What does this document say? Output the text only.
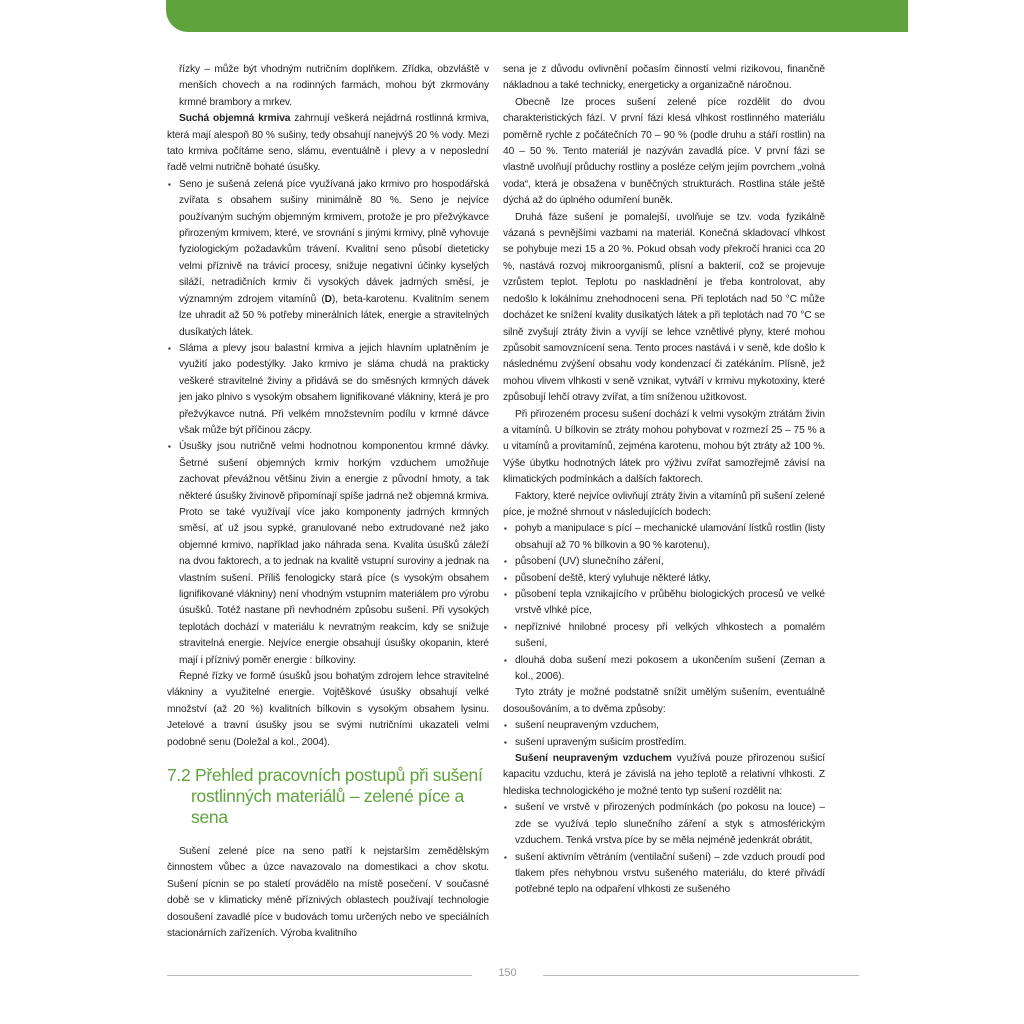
řízky – může být vhodným nutričním doplňkem. Zřídka, obzvláště v menších chovech a na rodinných farmách, mohou být zkrmovány krmné brambory a mrkev.

Suchá objemná krmiva zahrnují veškerá nejádrná rostlinná krmiva, která mají alespoň 80 % sušiny, tedy obsahují nanejvýš 20 % vody. Mezi tato krmiva počítáme seno, slámu, eventuálně i plevy a v neposlední řadě velmi nutričně bohaté úsušky.

▪ Seno je sušená zelená píce využívaná jako krmivo pro hospodářská zvířata s obsahem sušiny minimálně 80 %. Seno je nejvíce používaným suchým objemným krmivem, protože je pro přežvýkavce přirozeným krmivem, které, ve srovnání s jinými krmivy, plně vyhovuje fyziologickým požadavkům trávení. Kvalitní seno působí dieteticky velmi příznivě na trávicí procesy, snižuje negativní účinky kyselých siláží, netradičních krmiv či vysokých dávek jadrných směsí, je významným zdrojem vitamínů (D), beta-karotenu. Kvalitním senem lze uhradit až 50 % potřeby minerálních látek, energie a stravitelných dusíkatých látek.

▪ Sláma a plevy jsou balastní krmiva a jejich hlavním uplatněním je využití jako podestýlky. Jako krmivo je sláma chudá na prakticky veškeré stravitelné živiny a přidává se do směsných krmných dávek jen jako plnivo s vysokým obsahem lignifikované vlákniny, která je pro přežvýkavce nutná. Při velkém množstevním podílu v krmné dávce však může být příčinou zácpy.

▪ Úsušky jsou nutričně velmi hodnotnou komponentou krmné dávky. Šetrné sušení objemných krmiv horkým vzduchem umožňuje zachovat převážnou většinu živin a energie z původní hmoty, a tak některé úsušky živinově připomínají spíše jadrná než objemná krmiva. Proto se také využívají více jako komponenty jadrných krmných směsí, ať už jsou sypké, granulované nebo extrudované než jako objemné krmivo, například jako náhrada sena. Kvalita úsušků záleží na dvou faktorech, a to jednak na kvalitě vstupní suroviny a jednak na vlastním sušení. Příliš fenologicky stará píce (s vysokým obsahem lignifikované vlákniny) není vhodným vstupním materiálem pro výrobu úsušků. Totéž nastane při nevhodném způsobu sušení. Při vysokých teplotách dochází v materiálu k nevratným reakcím, kdy se snižuje stravitelná energie. Nejvíce energie obsahují úsušky okopanin, které mají i příznivý poměr energie : bílkoviny.

Řepné řízky ve formě úsušků jsou bohatým zdrojem lehce stravitelné vlákniny a využitelné energie. Vojtěškové úsušky obsahují velké množství (až 20 %) kvalitních bílkovin s vysokým obsahem lysinu. Jetelové a travní úsušky jsou se svými nutričními ukazateli velmi podobné senu (Doležal a kol., 2004).

7.2 Přehled pracovních postupů při sušení rostlinných materiálů – zelené píce a sena

Sušení zelené píce na seno patří k nejstarším zemědělským činnostem vůbec a úzce navazovalo na domestikaci a chov skotu. Sušení pícnin se po staletí provádělo na místě posečení. V současné době se v klimaticky méně příznivých oblastech používají technologie dosoušení zavadlé píce v budovách tomu určených nebo ve speciálních stacionárních zařízeních. Výroba kvalitního

sena je z důvodu ovlivnění počasím činností velmi rizikovou, finančně nákladnou a také technicky, energeticky a organizačně náročnou.

Obecně lze proces sušení zelené píce rozdělit do dvou charakteristických fází. V první fázi klesá vlhkost rostlinného materiálu poměrně rychle z počátečních 70 – 90 % (podle druhu a stáří rostlin) na 40 – 50 %. Tento materiál je nazýván zavadlá píce. V první fázi se vlastně uvolňují průduchy rostliny a posléze celým jejím povrchem „volná voda“, která je obsažena v buněčných strukturách. Rostlina stále ještě dýchá až do úplného odumření buněk.

Druhá fáze sušení je pomalejší, uvolňuje se tzv. voda fyzikálně vázaná s pevnějšími vazbami na materiál. Konečná skladovací vlhkost se pohybuje mezi 15 a 20 %. Pokud obsah vody překročí hranici cca 20 %, nastává rozvoj mikroorganismů, plísní a bakterií, což se projevuje vzrůstem teplot. Teplotu po naskladnění je třeba kontrolovat, aby nedošlo k lokálnímu znehodnocení sena. Při teplotách nad 50 °C může docházet ke snížení kvality dusíkatých látek a při teplotách nad 70 °C se silně zvyšují ztráty živin a vyvíjí se lehce vznětlivé plyny, které mohou způsobit samovznícení sena. Tento proces nastává i v seně, kde došlo k následnému zvýšení obsahu vody kondenzací či zatékáním. Plísně, jež mohou vlivem vlhkosti v seně vznikat, vytváří v krmivu mykotoxiny, které způsobují lehčí otravy zvířat, a tím sníženou užitkovost.

Při přirozeném procesu sušení dochází k velmi vysokým ztrátám živin a vitamínů. U bílkovin se ztráty mohou pohybovat v rozmezí 25 – 75 % a u vitamínů a provitamínů, zejména karotenu, mohou být ztráty až 100 %. Výše úbytku hodnotných látek pro výživu zvířat samozřejmě závisí na klimatických podmínkách a dalších faktorech.

Faktory, které nejvíce ovlivňují ztráty živin a vitamínů při sušení zelené píce, je možné shrnout v následujících bodech:

▪ pohyb a manipulace s pící – mechanické ulamování lístků rostlin (listy obsahují až 70 % bílkovin a 90 % karotenu),

▪ působení (UV) slunečního záření,

▪ působení deště, který vyluhuje některé látky,

▪ působení tepla vznikajícího v průběhu biologických procesů ve velké vrstvě vlhké píce,

▪ nepříznivé hnilobné procesy při velkých vlhkostech a pomalém sušení,

▪ dlouhá doba sušení mezi pokosem a ukončením sušení (Zeman a kol., 2006).

Tyto ztráty je možné podstatně snížit umělým sušením, eventuálně dosoušováním, a to dvěma způsoby:

▪ sušení neupraveným vzduchem,

▪ sušení upraveným sušicím prostředím.

Sušení neupraveným vzduchem využívá pouze přirozenou sušicí kapacitu vzduchu, která je závislá na jeho teplotě a relativní vlhkosti. Z hlediska technologického je možné tento typ sušení rozdělit na:

▪ sušení ve vrstvě v přirozených podmínkách (po pokosu na louce) – zde se využívá teplo slunečního záření a styk s atmosférickým vzduchem. Tenká vrstva píce by se měla nejméně jedenkrát obrátit,

▪ sušení aktivním větráním (ventilační sušení) – zde vzduch proudí pod tlakem přes nehybnou vrstvu sušeného materiálu, do které přivádí potřebné teplo na odpaření vlhkosti ze sušeného

150
